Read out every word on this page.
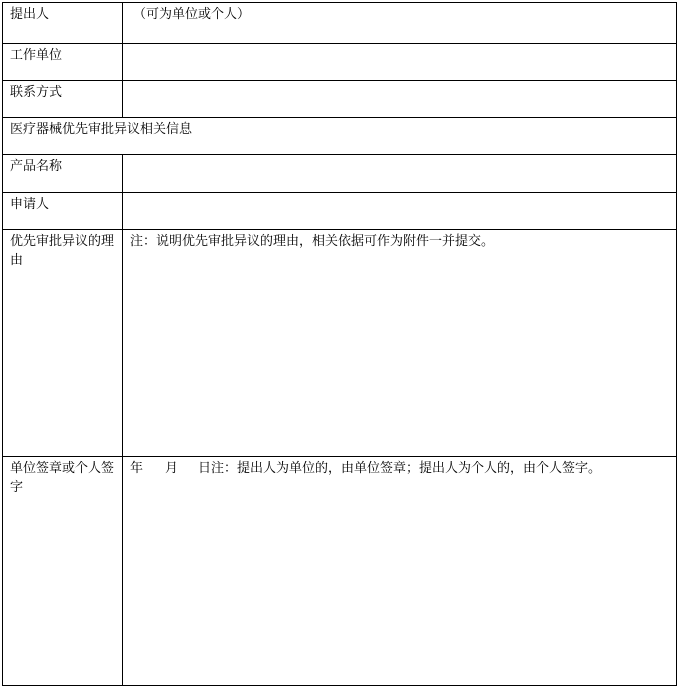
提出人	（可为单位或个人）
工作单位	
联系方式	
医疗器械优先审批异议相关信息	
产品名称	
申请人	
优先审批异议的理由	注：说明优先审批异议的理由，相关依据可作为附件一并提交。
单位签章或个人签字	年 月 日注：提出人为单位的，由单位签章；提出人为个人的，由个人签字。
